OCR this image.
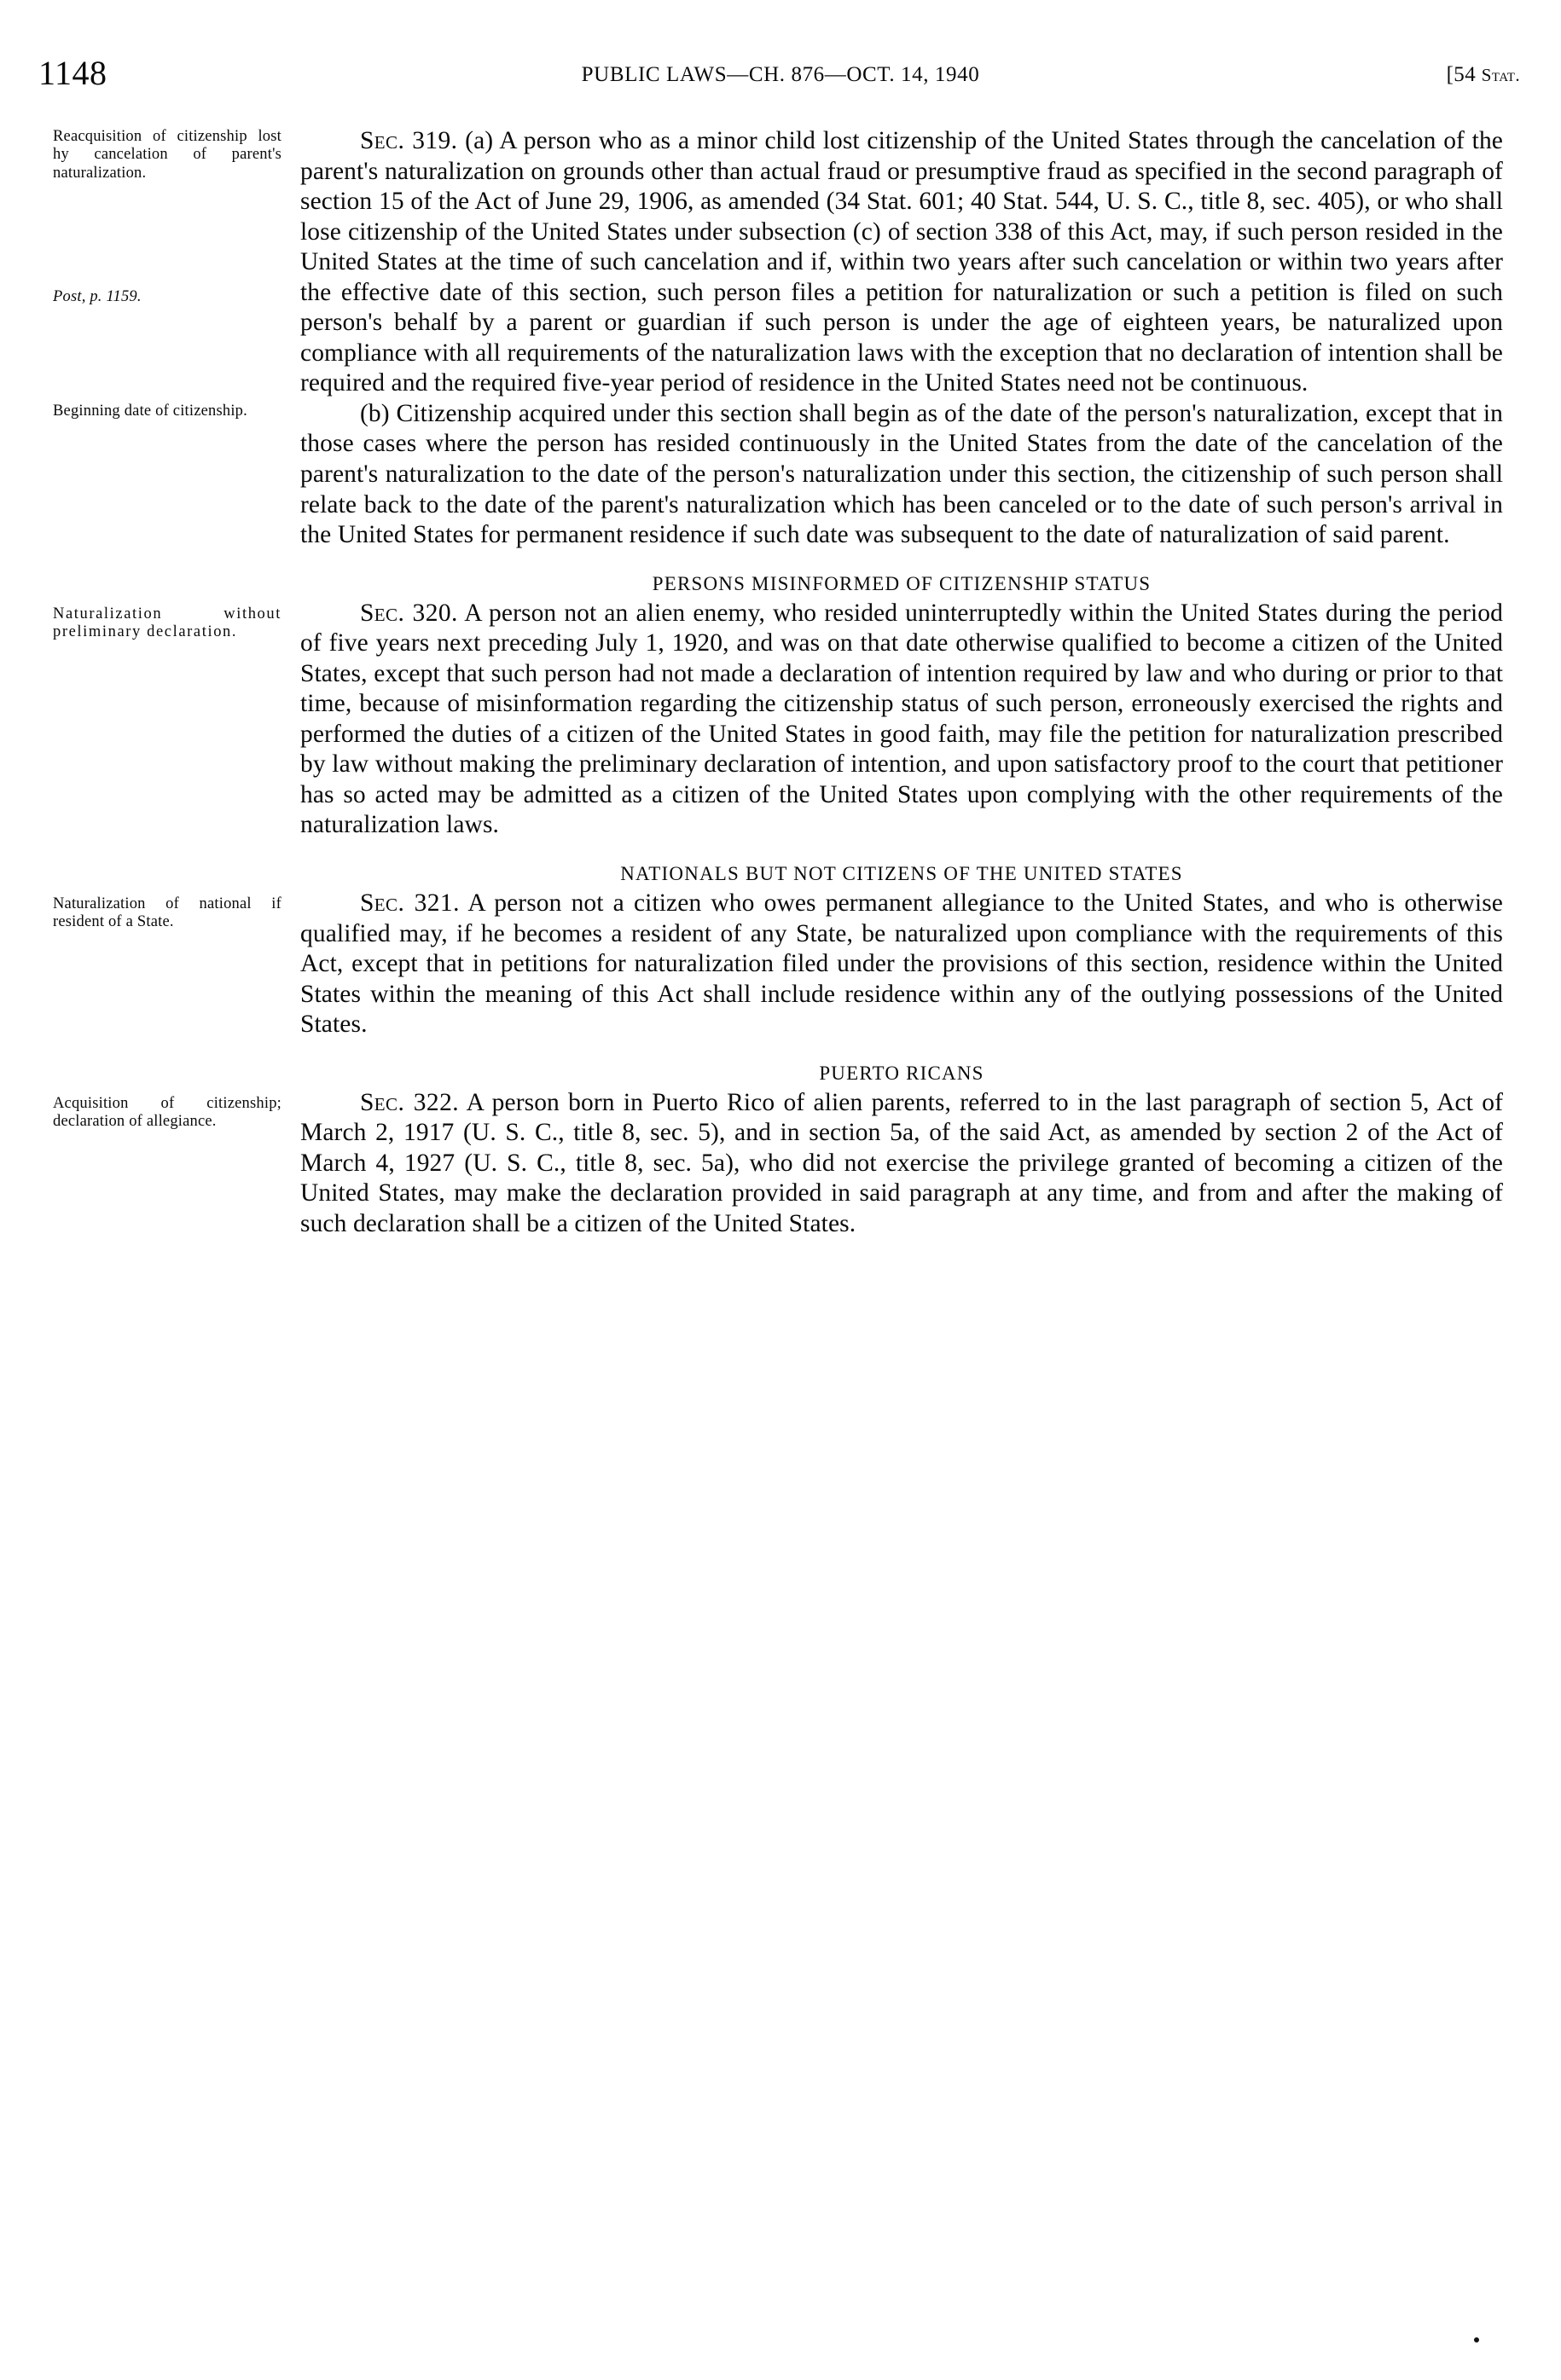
1148	PUBLIC LAWS—CH. 876—OCT. 14, 1940	[54 Stat.
Reacquisition of citizenship lost hy cancelation of parent's naturalization.
Post, p. 1159.

Sec. 319. (a) A person who as a minor child lost citizenship of the United States through the cancelation of the parent's naturalization on grounds other than actual fraud or presumptive fraud as specified in the second paragraph of section 15 of the Act of June 29, 1906, as amended (34 Stat. 601; 40 Stat. 544, U. S. C., title 8, sec. 405), or who shall lose citizenship of the United States under subsection (c) of section 338 of this Act, may, if such person resided in the United States at the time of such cancelation and if, within two years after such cancelation or within two years after the effective date of this section, such person files a petition for naturalization or such a petition is filed on such person's behalf by a parent or guardian if such person is under the age of eighteen years, be naturalized upon compliance with all requirements of the naturalization laws with the exception that no declaration of intention shall be required and the required five-year period of residence in the United States need not be continuous.

Beginning date of citizenship.	(b) Citizenship acquired under this section shall begin as of the date of the person's naturalization, except that in those cases where the person has resided continuously in the United States from the date of the cancelation of the parent's naturalization to the date of the person's naturalization under this section, the citizenship of such person shall relate back to the date of the parent's naturalization which has been canceled or to the date of such person's arrival in the United States for permanent residence if such date was subsequent to the date of naturalization of said parent.

PERSONS MISINFORMED OF CITIZENSHIP STATUS
Naturalization without preliminary declaration.

Sec. 320. A person not an alien enemy, who resided uninterruptedly within the United States during the period of five years next preceding July 1, 1920, and was on that date otherwise qualified to become a citizen of the United States, except that such person had not made a declaration of intention required by law and who during or prior to that time, because of misinformation regarding the citizenship status of such person, erroneously exercised the rights and performed the duties of a citizen of the United States in good faith, may file the petition for naturalization prescribed by law without making the preliminary declaration of intention, and upon satisfactory proof to the court that petitioner has so acted may be admitted as a citizen of the United States upon complying with the other requirements of the naturalization laws.

NATIONALS BUT NOT CITIZENS OF THE UNITED STATES
Naturalization of national if resident of a State.

Sec. 321. A person not a citizen who owes permanent allegiance to the United States, and who is otherwise qualified may, if he becomes a resident of any State, be naturalized upon compliance with the requirements of this Act, except that in petitions for naturalization filed under the provisions of this section, residence within the United States within the meaning of this Act shall include residence within any of the outlying possessions of the United States.

PUERTO RICANS
Acquisition of citizenship; declaration of allegiance.

Sec. 322. A person born in Puerto Rico of alien parents, referred to in the last paragraph of section 5, Act of March 2, 1917 (U. S. C., title 8, sec. 5), and in section 5a, of the said Act, as amended by section 2 of the Act of March 4, 1927 (U. S. C., title 8, sec. 5a), who did not exercise the privilege granted of becoming a citizen of the United States, may make the declaration provided in said paragraph at any time, and from and after the making of such declaration shall be a citizen of the United States.
